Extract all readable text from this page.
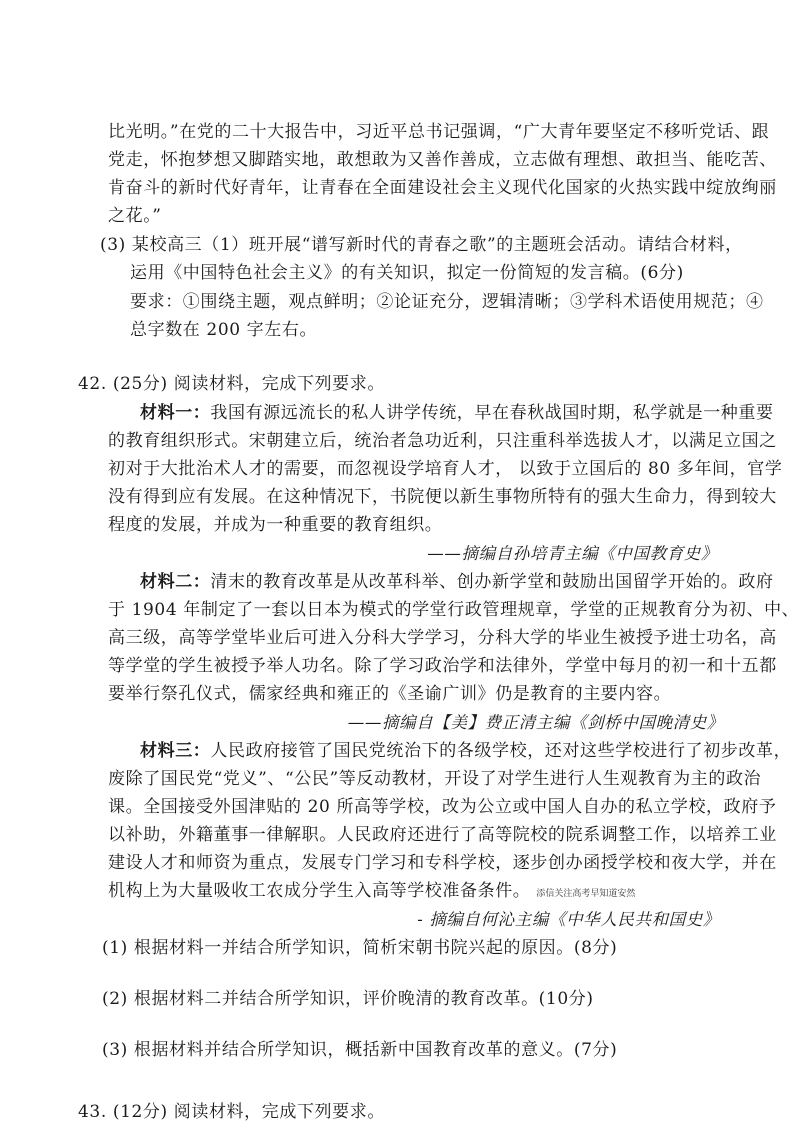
比光明。”在党的二十大报告中，习近平总书记强调，“广大青年要坚定不移听党话、跟

党走，怀抱梦想又脚踏实地，敢想敢为又善作善成，立志做有理想、敢担当、能吃苦、

肯奋斗的新时代好青年，让青春在全面建设社会主义现代化国家的火热实践中绽放绚丽

之花。”

(3) 某校高三（1）班开展“谱写新时代的青春之歌”的主题班会活动。请结合材料，

运用《中国特色社会主义》的有关知识，拟定一份简短的发言稿。(6分)

要求：①围绕主题，观点鲜明；②论证充分，逻辑清晰；③学科术语使用规范；④

总字数在 200 字左右。

42. (25分) 阅读材料，完成下列要求。

材料一：我国有源远流长的私人讲学传统，早在春秋战国时期，私学就是一种重要

的教育组织形式。宋朝建立后，统治者急功近利，只注重科举选拔人才，以满足立国之

初对于大批治术人才的需要，而忽视设学培育人才， 以致于立国后的 80 多年间，官学

没有得到应有发展。在这种情况下，书院便以新生事物所特有的强大生命力，得到较大

程度的发展，并成为一种重要的教育组织。

——摘编自孙培青主编《中国教育史》

材料二：清末的教育改革是从改革科举、创办新学堂和鼓励出国留学开始的。政府

于 1904 年制定了一套以日本为模式的学堂行政管理规章，学堂的正规教育分为初、中、

高三级，高等学堂毕业后可进入分科大学学习，分科大学的毕业生被授予进士功名，高

等学堂的学生被授予举人功名。除了学习政治学和法律外，学堂中每月的初一和十五都

要举行祭孔仪式，儒家经典和雍正的《圣谕广训》仍是教育的主要内容。

——摘编自【美】费正清主编《剑桥中国晚清史》

材料三：人民政府接管了国民党统治下的各级学校，还对这些学校进行了初步改革，

废除了国民党“党义”、“公民”等反动教材，开设了对学生进行人生观教育为主的政治

课。全国接受外国津贴的 20 所高等学校，改为公立或中国人自办的私立学校，政府予

以补助，外籍董事一律解职。人民政府还进行了高等院校的院系调整工作，以培养工业

建设人才和师资为重点，发展专门学习和专科学校，逐步创办函授学校和夜大学，并在

机构上为大量吸收工农成分学生入高等学校准备条件。 添信关注高考早知道安然

- 摘编自何沁主编《中华人民共和国史》

(1) 根据材料一并结合所学知识，简析宋朝书院兴起的原因。(8分)

(2) 根据材料二并结合所学知识，评价晚清的教育改革。(10分)

(3) 根据材料并结合所学知识，概括新中国教育改革的意义。(7分)

43. (12分) 阅读材料，完成下列要求。
